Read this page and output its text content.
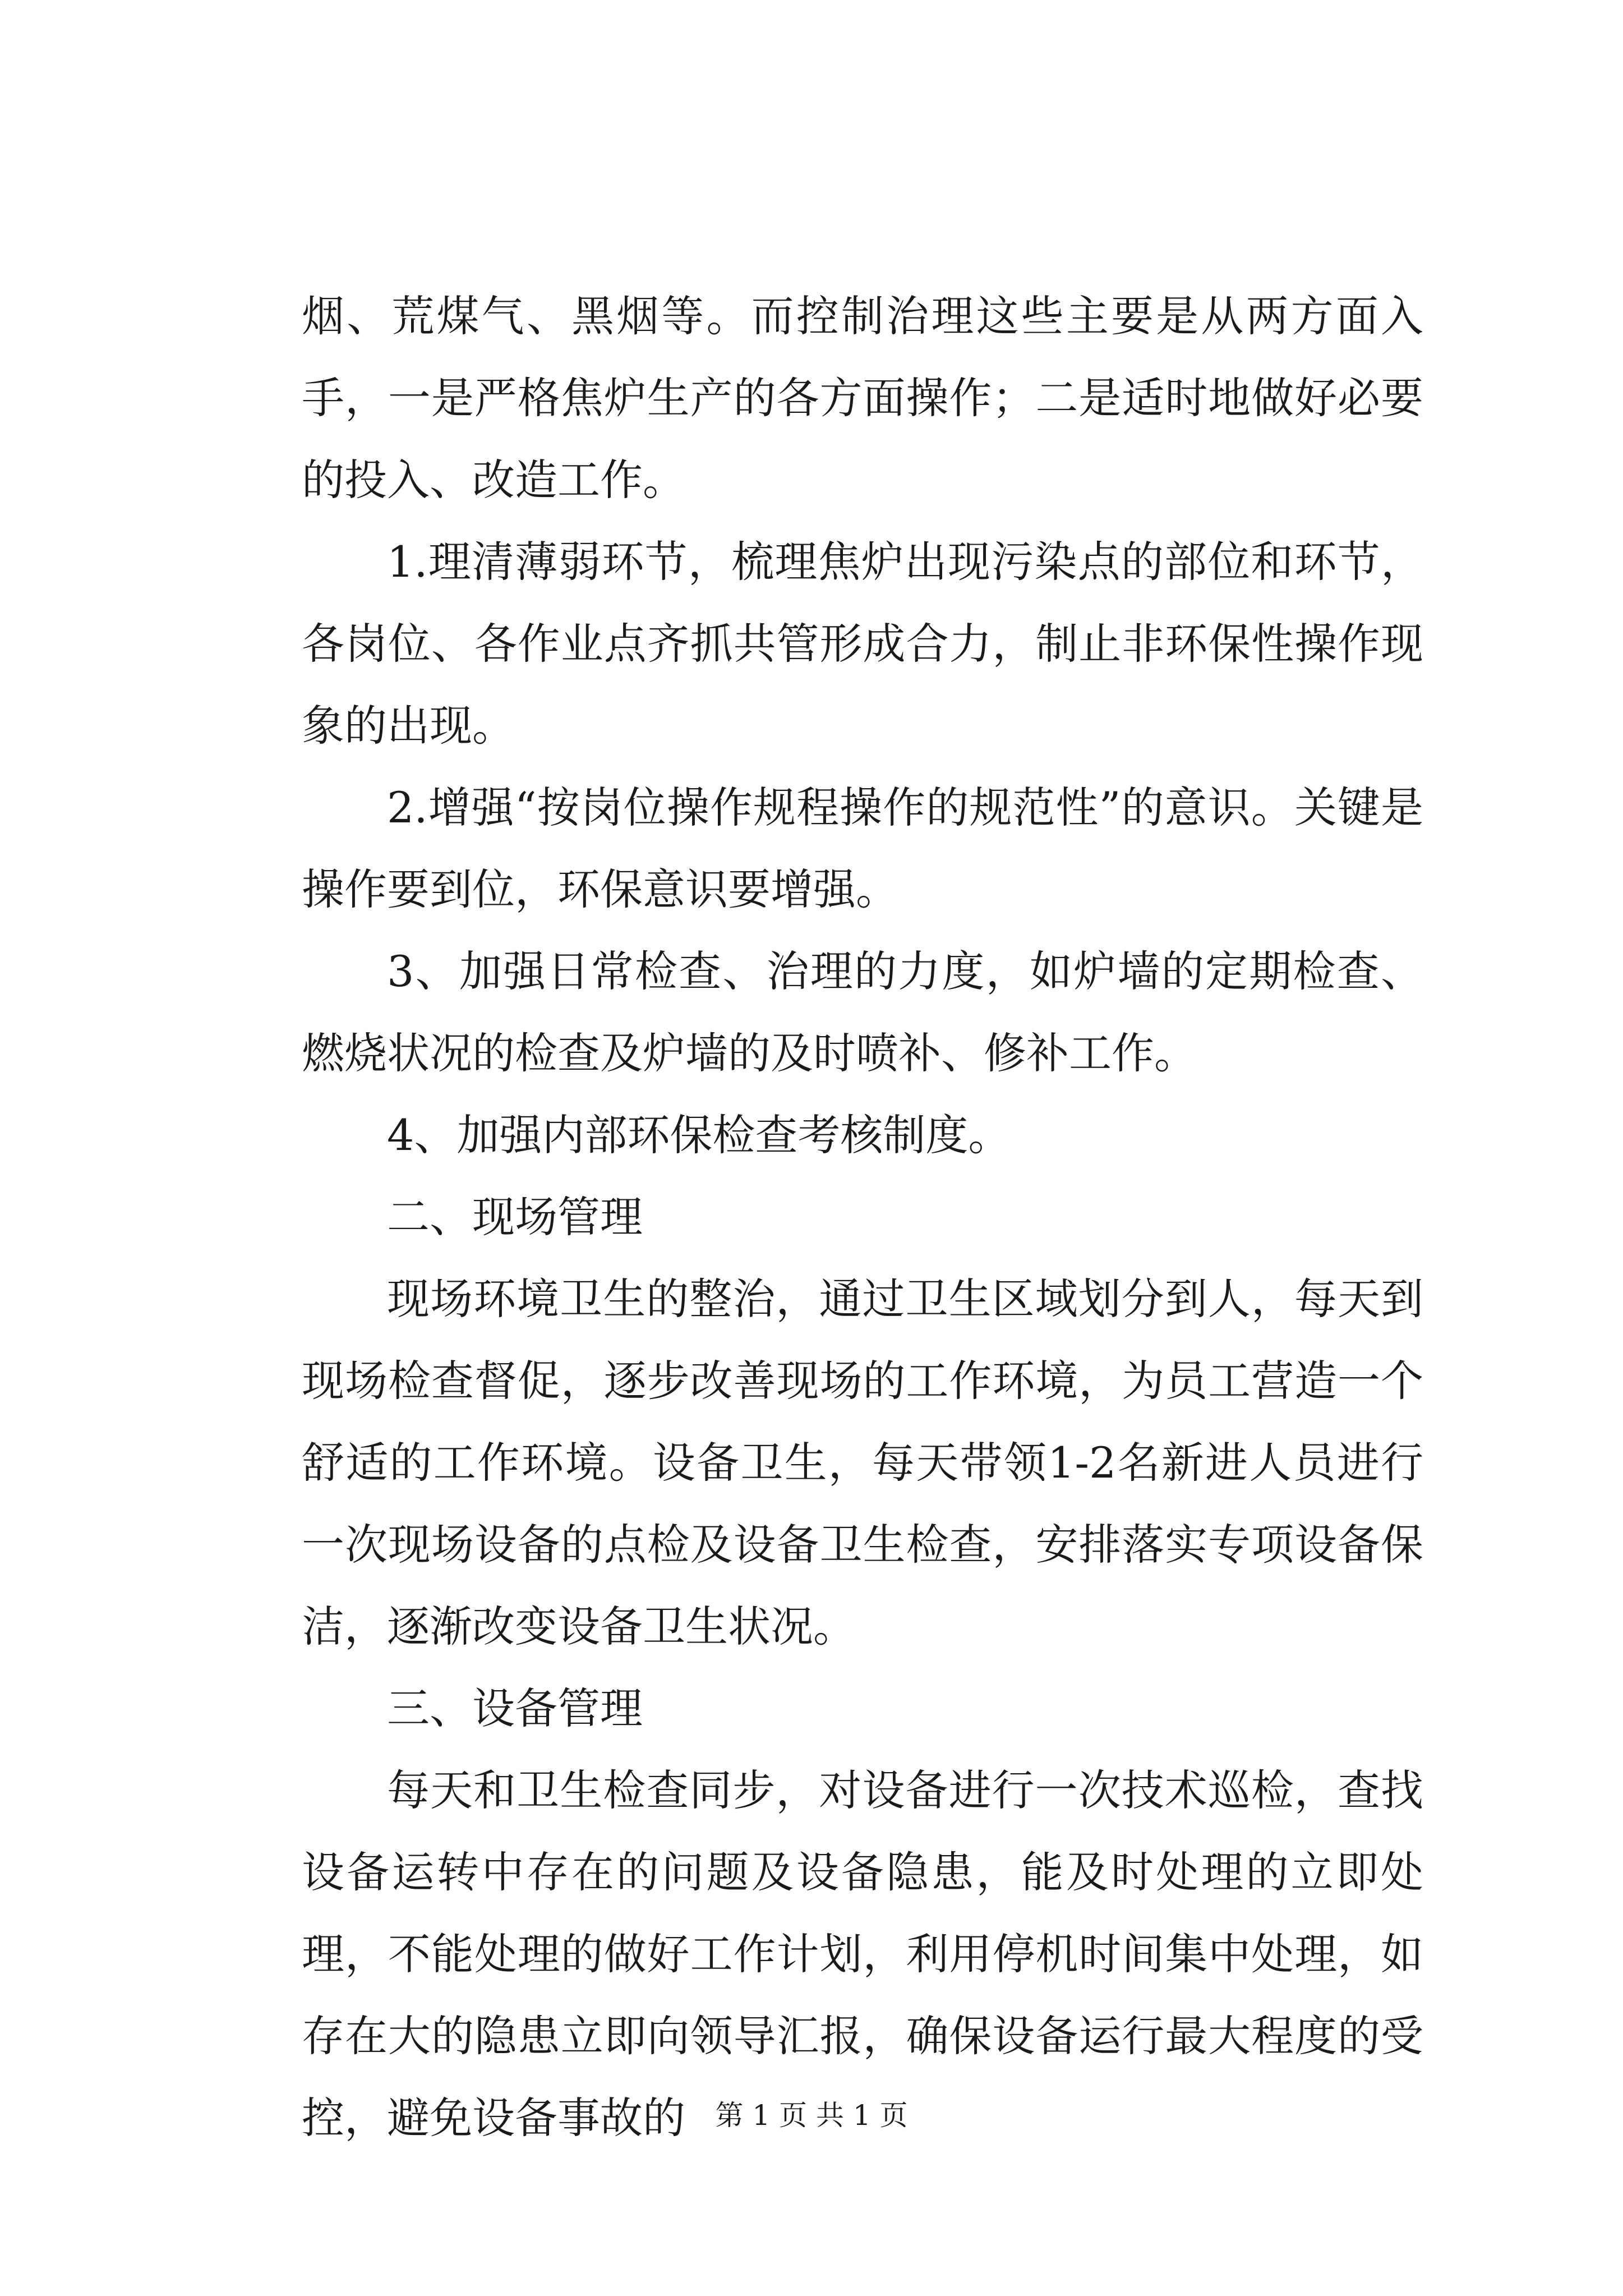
烟、荒煤气、黑烟等。而控制治理这些主要是从两方面入手，一是严格焦炉生产的各方面操作；二是适时地做好必要的投入、改造工作。

1.理清薄弱环节，梳理焦炉出现污染点的部位和环节，各岗位、各作业点齐抓共管形成合力，制止非环保性操作现象的出现。

2.增强“按岗位操作规程操作的规范性”的意识。关键是操作要到位，环保意识要增强。

3、加强日常检查、治理的力度，如炉墙的定期检查、燃烧状况的检查及炉墙的及时喷补、修补工作。

4、加强内部环保检查考核制度。

二、现场管理

现场环境卫生的整治，通过卫生区域划分到人，每天到现场检查督促，逐步改善现场的工作环境，为员工营造一个舒适的工作环境。设备卫生，每天带领1-2名新进人员进行一次现场设备的点检及设备卫生检查，安排落实专项设备保洁，逐渐改变设备卫生状况。

三、设备管理

每天和卫生检查同步，对设备进行一次技术巡检，查找设备运转中存在的问题及设备隐患，能及时处理的立即处理，不能处理的做好工作计划，利用停机时间集中处理，如存在大的隐患立即向领导汇报，确保设备运行最大程度的受控，避免设备事故的	第 1 页 共 1 页
